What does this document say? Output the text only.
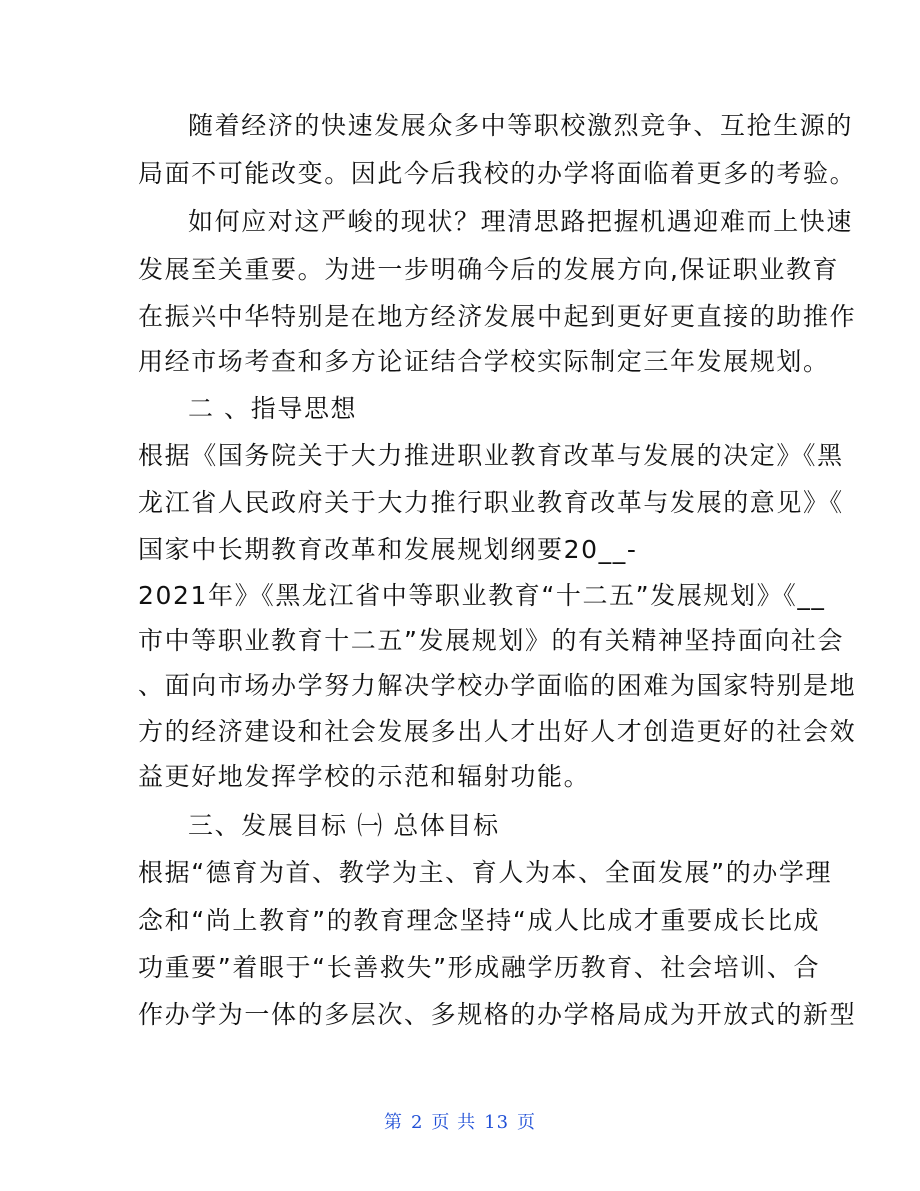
随着经济的快速发展众多中等职校激烈竞争、互抢生源的
局面不可能改变。因此今后我校的办学将面临着更多的考验。
如何应对这严峻的现状？理清思路把握机遇迎难而上快速
发展至关重要。为进一步明确今后的发展方向,保证职业教育
在振兴中华特别是在地方经济发展中起到更好更直接的助推作
用经市场考查和多方论证结合学校实际制定三年发展规划。
二 、指导思想
根据《国务院关于大力推进职业教育改革与发展的决定》《黑
龙江省人民政府关于大力推行职业教育改革与发展的意见》《
国家中长期教育改革和发展规划纲要20__-
2021年》《黑龙江省中等职业教育“十二五”发展规划》《__
市中等职业教育十二五”发展规划》的有关精神坚持面向社会
、面向市场办学努力解决学校办学面临的困难为国家特别是地
方的经济建设和社会发展多出人才出好人才创造更好的社会效
益更好地发挥学校的示范和辐射功能。
三、发展目标 ㈠ 总体目标
根据“德育为首、教学为主、育人为本、全面发展”的办学理
念和“尚上教育”的教育理念坚持“成人比成才重要成长比成
功重要”着眼于“长善救失”形成融学历教育、社会培训、合
作办学为一体的多层次、多规格的办学格局成为开放式的新型
第 2 页 共 13 页
